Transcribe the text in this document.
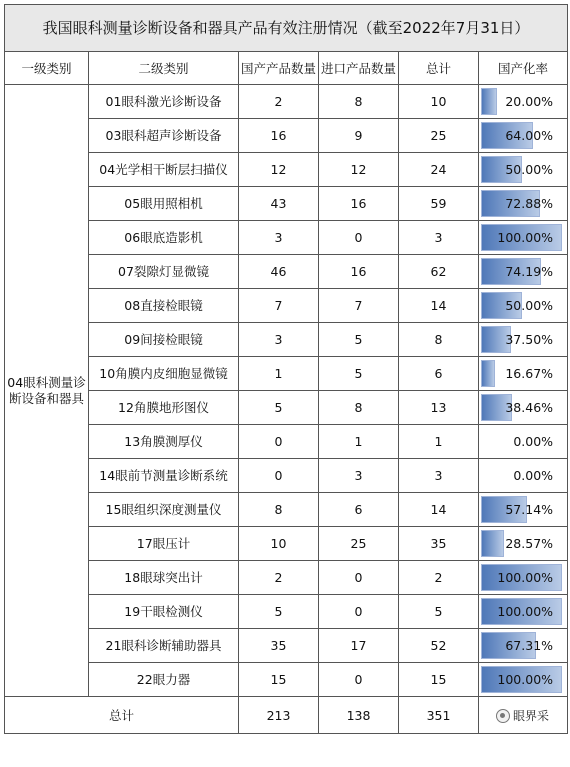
我国眼科测量诊断设备和器具产品有效注册情况（截至2022年7月31日）					
一级类别	二级类别	国产产品数量	进口产品数量	总计	国产化率
04眼科测量诊断设备和器具	01眼科激光诊断设备	2	8	10	20.00%

	03眼科超声诊断设备	16	9	25	64.00%

	04光学相干断层扫描仪	12	12	24	50.00%

	05眼用照相机	43	16	59	72.88%

	06眼底造影机	3	0	3	100.00%

	07裂隙灯显微镜	46	16	62	74.19%

	08直接检眼镜	7	7	14	50.00%

	09间接检眼镜	3	5	8	37.50%

	10角膜内皮细胞显微镜	1	5	6	16.67%

	12角膜地形图仪	5	8	13	38.46%

	13角膜测厚仪	0	1	1	0.00%

	14眼前节测量诊断系统	0	3	3	0.00%

	15眼组织深度测量仪	8	6	14	57.14%

	17眼压计	10	25	35	28.57%

	18眼球突出计	2	0	2	100.00%

	19干眼检测仪	5	0	5	100.00%

	21眼科诊断辅助器具	35	17	52	67.31%

	22眼力器	15	0	15	100.00%

总计		213	138	351		眼界采
